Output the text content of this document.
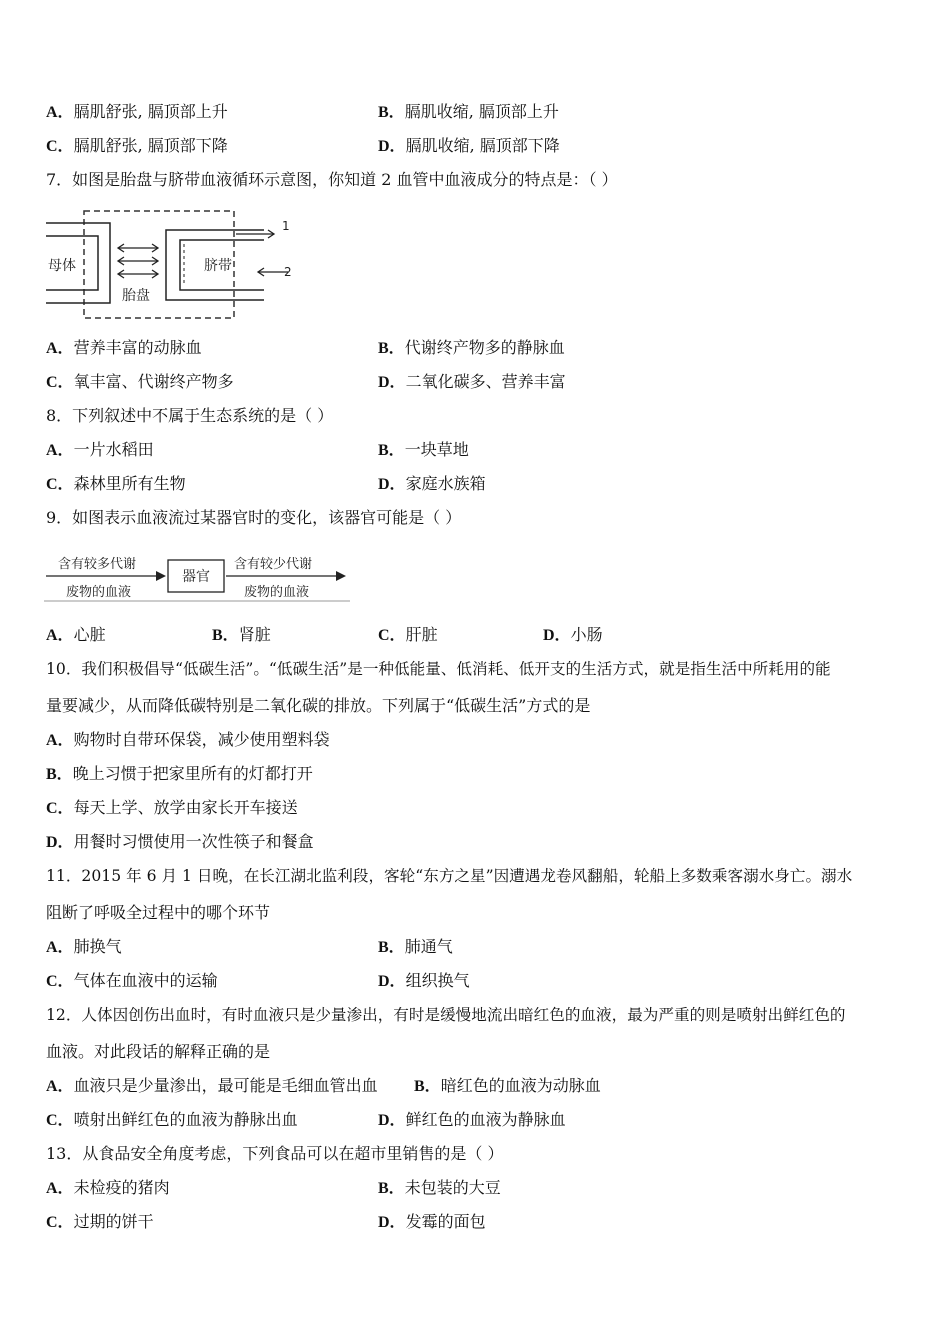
A．膈肌舒张, 膈顶部上升	B．膈肌收缩, 膈顶部上升
C．膈肌舒张, 膈顶部下降	D．膈肌收缩, 膈顶部下降
7．如图是胎盘与脐带血液循环示意图，你知道 2 血管中血液成分的特点是：（ ）
母体
胎盘
脐带
1
2
A．营养丰富的动脉血	B．代谢终产物多的静脉血
C．氧丰富、代谢终产物多	D．二氧化碳多、营养丰富
8．下列叙述中不属于生态系统的是（ ）
A．一片水稻田	B．一块草地
C．森林里所有生物	D．家庭水族箱
9．如图表示血液流过某器官时的变化，该器官可能是（ ）
含有较多代谢
废物的血液
器官
含有较少代谢
废物的血液
A．心脏	B．肾脏	C．肝脏	D．小肠
10．我们积极倡导“低碳生活”。“低碳生活”是一种低能量、低消耗、低开支的生活方式，就是指生活中所耗用的能
量要减少，从而降低碳特别是二氧化碳的排放。下列属于“低碳生活”方式的是
A．购物时自带环保袋，减少使用塑料袋
B．晚上习惯于把家里所有的灯都打开
C．每天上学、放学由家长开车接送
D．用餐时习惯使用一次性筷子和餐盒
11．2015 年 6 月 1 日晚，在长江湖北监利段，客轮“东方之星”因遭遇龙卷风翻船，轮船上多数乘客溺水身亡。溺水
阻断了呼吸全过程中的哪个环节
A．肺换气	B．肺通气
C．气体在血液中的运输	D．组织换气
12．人体因创伤出血时，有时血液只是少量渗出，有时是缓慢地流出暗红色的血液，最为严重的则是喷射出鲜红色的
血液。对此段话的解释正确的是
A．血液只是少量渗出，最可能是毛细血管出血 B．暗红色的血液为动脉血
C．喷射出鲜红色的血液为静脉出血	D．鲜红色的血液为静脉血
13．从食品安全角度考虑，下列食品可以在超市里销售的是（ ）
A．未检疫的猪肉	B．未包装的大豆
C．过期的饼干	D．发霉的面包
